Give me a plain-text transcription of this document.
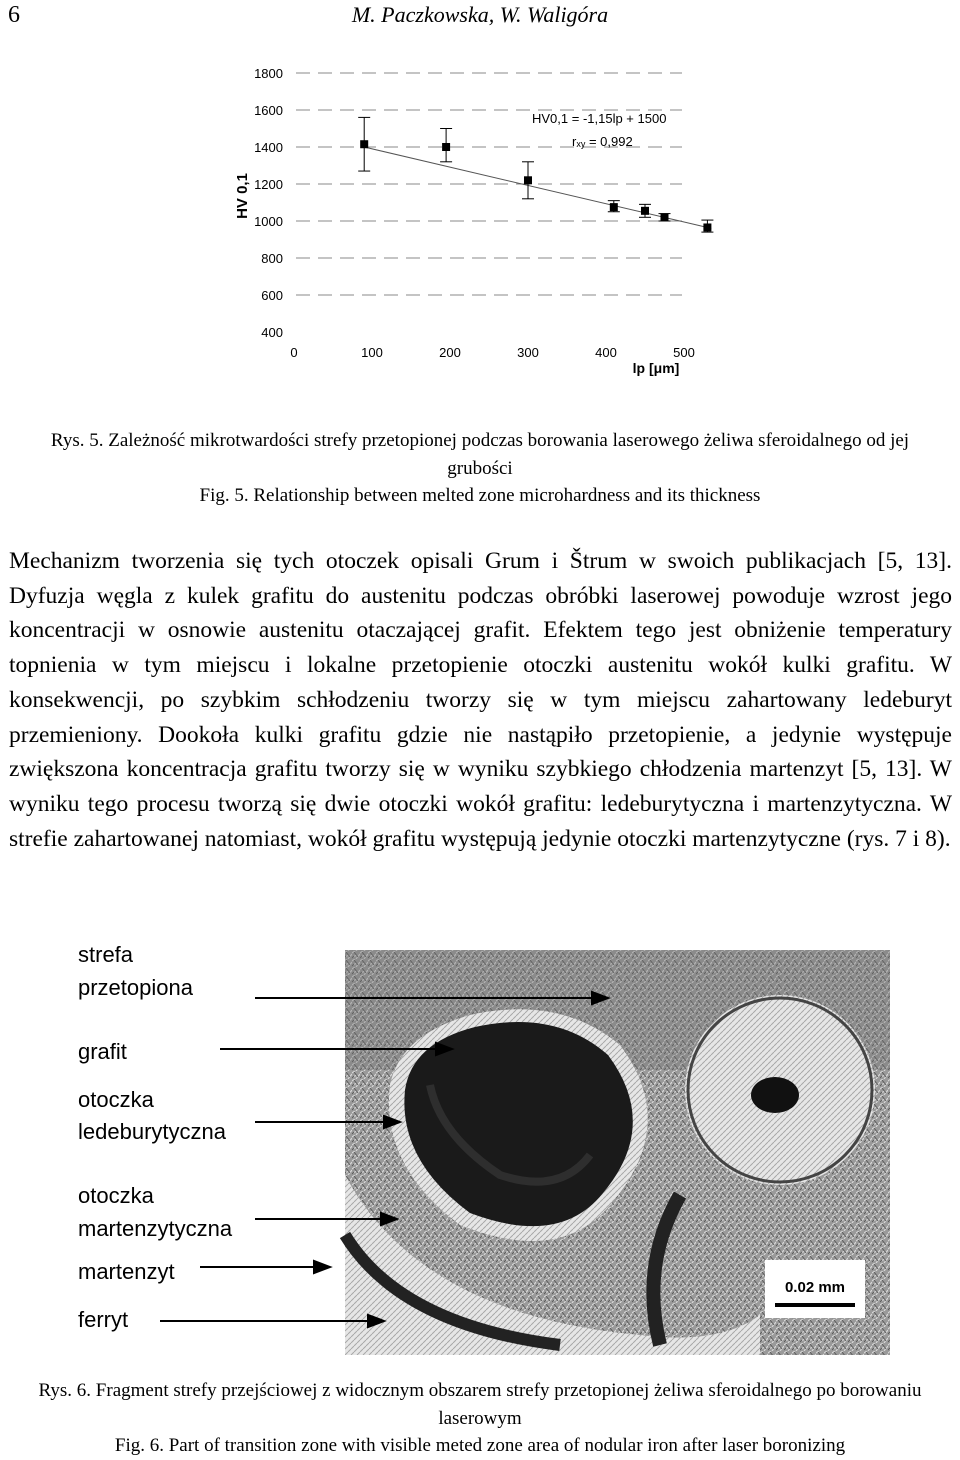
6	M. Paczkowska, W. Waligóra
400
600
800
1000
1200
1400
1600
1800
0	100	200	300	400	500
HV 0,1
lp [μm]
HV0,1 = -1,15lp + 1500
rxy = 0,992
Rys. 5. Zależność mikrotwardości strefy przetopionej podczas borowania laserowego żeliwa sferoidalnego od jej grubości
Fig. 5. Relationship between melted zone microhardness and its thickness

Mechanizm tworzenia się tych otoczek opisali Grum i Štrum w swoich publikacjach [5, 13]. Dyfuzja węgla z kulek grafitu do austenitu podczas obróbki laserowej powoduje wzrost jego koncentracji w osnowie austenitu otaczającej grafit. Efektem tego jest obniżenie temperatury topnienia w tym miejscu i lokalne przetopienie otoczki austenitu wokół kulki grafitu. W konsekwencji, po szybkim schłodzeniu tworzy się w tym miejscu zahartowany ledeburyt przemieniony. Dookoła kulki grafitu gdzie nie nastąpiło przetopienie, a jedynie występuje zwiększona koncentracja grafitu tworzy się w wyniku szybkiego chłodzenia martenzyt [5, 13]. W wyniku tego procesu tworzą się dwie otoczki wokół grafitu: ledeburytyczna i martenzytyczna. W strefie zahartowanej natomiast, wokół grafitu występują jedynie otoczki martenzytyczne (rys. 7 i 8).

0.02 mm
strefa
przetopiona
grafit
otoczka
ledeburytyczna
otoczka
martenzytyczna
martenzyt
ferryt
Rys. 6. Fragment strefy przejściowej z widocznym obszarem strefy przetopionej żeliwa sferoidalnego po borowaniu laserowym
Fig. 6. Part of transition zone with visible meted zone area of nodular iron after laser boronizing
